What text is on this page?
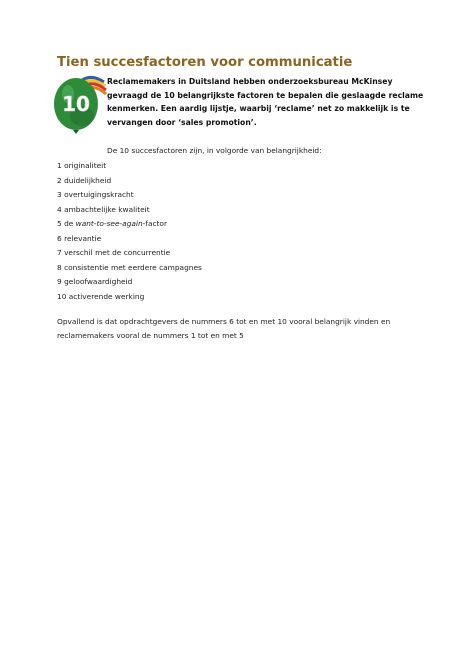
Tien succesfactoren voor communicatie
10
Reclamemakers in Duitsland hebben onderzoeksbureau McKinsey gevraagd de 10 belangrijkste factoren te bepalen die geslaagde reclame kenmerken. Een aardig lijstje, waarbij ‘reclame’ net zo makkelijk is te vervangen door ‘sales promotion’.
De 10 succesfactoren zijn, in volgorde van belangrijkheid:
1 originaliteit
2 duidelijkheid
3 overtuigingskracht
4 ambachtelijke kwaliteit
5 de want-to-see-again-factor
6 relevantie
7 verschil met de concurrentie
8 consistentie met eerdere campagnes
9 geloofwaardigheid
10 activerende werking
Opvallend is dat opdrachtgevers de nummers 6 tot en met 10 vooral belangrijk vinden en reclamemakers vooral de nummers 1 tot en met 5
